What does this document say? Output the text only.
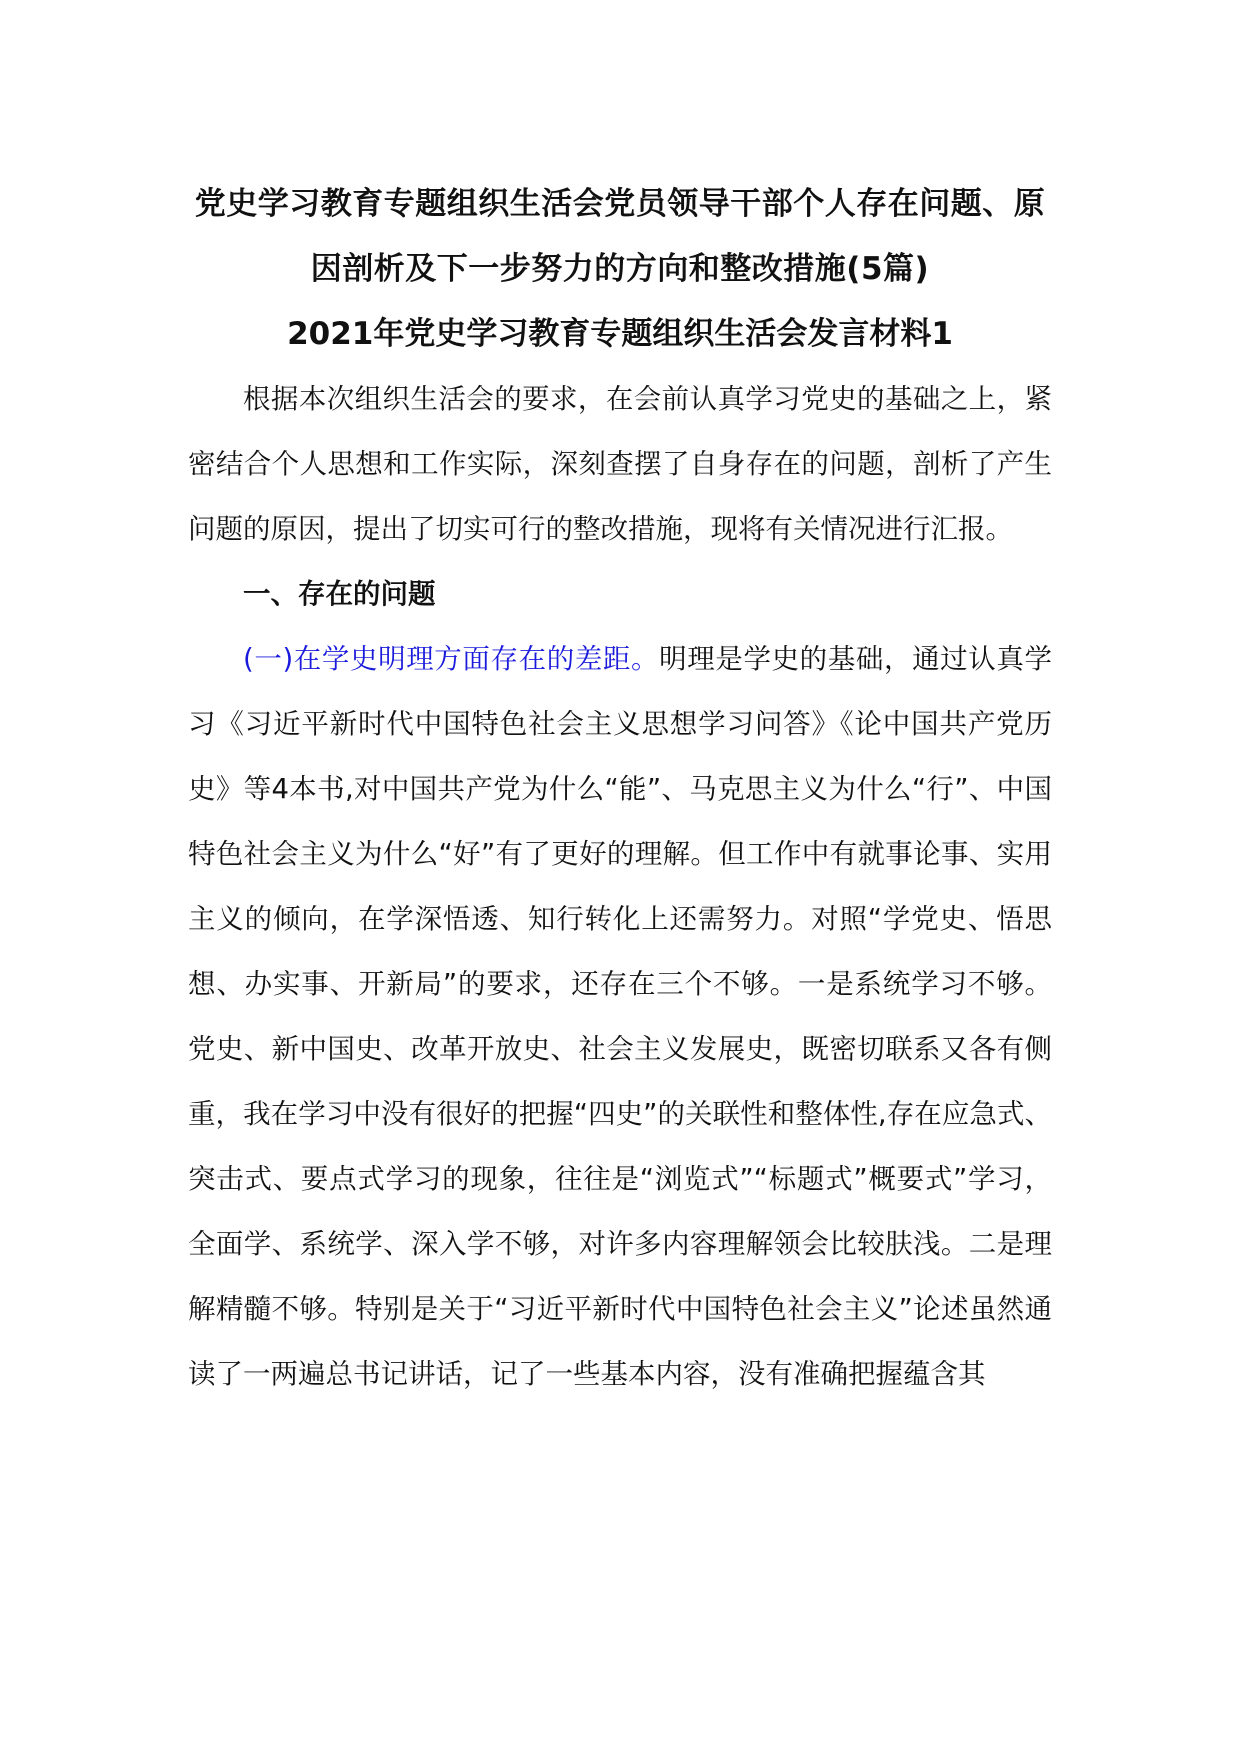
党史学习教育专题组织生活会党员领导干部个人存在问题、原因剖析及下一步努力的方向和整改措施(5篇)
2021年党史学习教育专题组织生活会发言材料1

根据本次组织生活会的要求，在会前认真学习党史的基础之上，紧密结合个人思想和工作实际，深刻查摆了自身存在的问题，剖析了产生问题的原因，提出了切实可行的整改措施，现将有关情况进行汇报。

一、存在的问题

(一)在学史明理方面存在的差距。明理是学史的基础，通过认真学习《习近平新时代中国特色社会主义思想学习问答》《论中国共产党历史》等4本书,对中国共产党为什么“能”、马克思主义为什么“行”、中国特色社会主义为什么“好”有了更好的理解。但工作中有就事论事、实用主义的倾向，在学深悟透、知行转化上还需努力。对照“学党史、悟思想、办实事、开新局”的要求，还存在三个不够。一是系统学习不够。党史、新中国史、改革开放史、社会主义发展史，既密切联系又各有侧重，我在学习中没有很好的把握“四史”的关联性和整体性,存在应急式、突击式、要点式学习的现象，往往是“浏览式”“标题式”概要式”学习，全面学、系统学、深入学不够，对许多内容理解领会比较肤浅。二是理解精髓不够。特别是关于“习近平新时代中国特色社会主义”论述虽然通读了一两遍总书记讲话，记了一些基本内容，没有准确把握蕴含其
